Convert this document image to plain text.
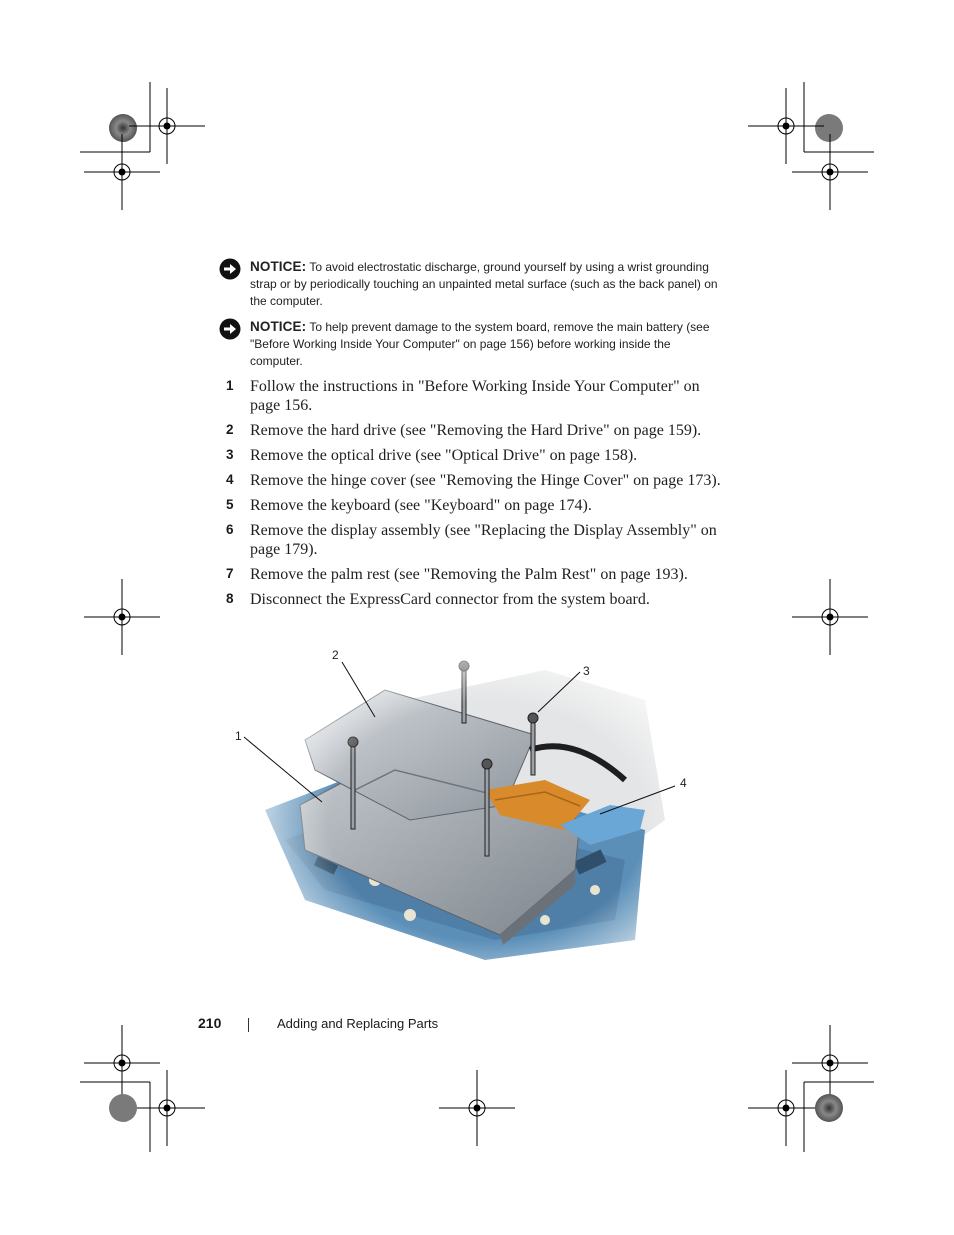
NOTICE: To avoid electrostatic discharge, ground yourself by using a wrist grounding strap or by periodically touching an unpainted metal surface (such as the back panel) on the computer.
NOTICE: To help prevent damage to the system board, remove the main battery (see "Before Working Inside Your Computer" on page 156) before working inside the computer.
1 Follow the instructions in "Before Working Inside Your Computer" on page 156.
2 Remove the hard drive (see "Removing the Hard Drive" on page 159).
3 Remove the optical drive (see "Optical Drive" on page 158).
4 Remove the hinge cover (see "Removing the Hinge Cover" on page 173).
5 Remove the keyboard (see "Keyboard" on page 174).
6 Remove the display assembly (see "Replacing the Display Assembly" on page 179).
7 Remove the palm rest (see "Removing the Palm Rest" on page 193).
8 Disconnect the ExpressCard connector from the system board.
1
2
3
4
210	Adding and Replacing Parts
